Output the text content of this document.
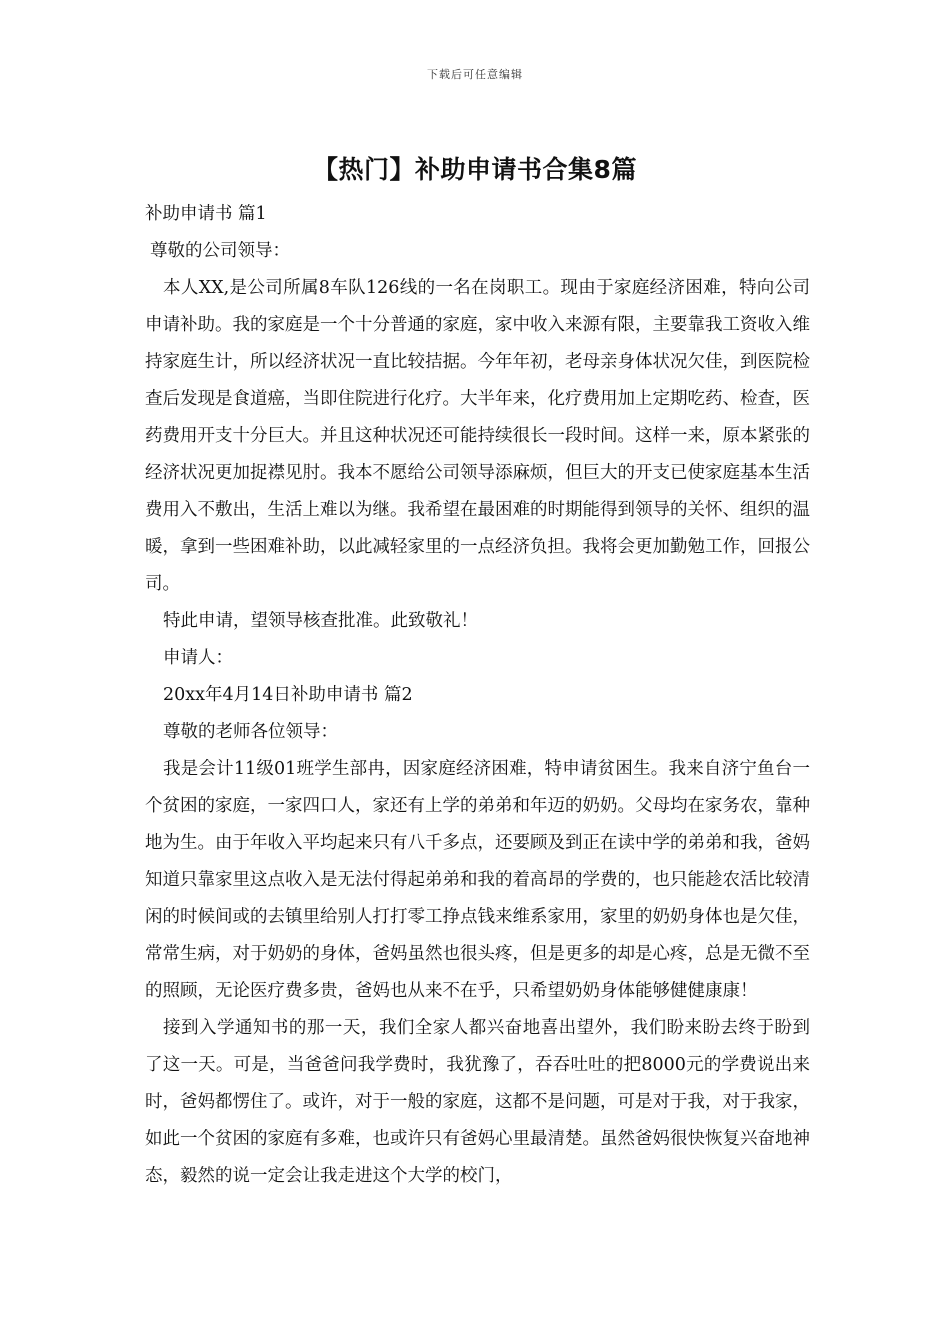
下载后可任意编辑
【热门】补助申请书合集8篇

补助申请书 篇1

尊敬的公司领导：

本人XX,是公司所属8车队126线的一名在岗职工。现由于家庭经济困难，特向公司申请补助。我的家庭是一个十分普通的家庭，家中收入来源有限，主要靠我工资收入维持家庭生计，所以经济状况一直比较拮据。今年年初，老母亲身体状况欠佳，到医院检查后发现是食道癌，当即住院进行化疗。大半年来，化疗费用加上定期吃药、检查，医药费用开支十分巨大。并且这种状况还可能持续很长一段时间。这样一来，原本紧张的经济状况更加捉襟见肘。我本不愿给公司领导添麻烦，但巨大的开支已使家庭基本生活费用入不敷出，生活上难以为继。我希望在最困难的时期能得到领导的关怀、组织的温暖，拿到一些困难补助，以此减轻家里的一点经济负担。我将会更加勤勉工作，回报公司。

特此申请，望领导核查批准。此致敬礼！

申请人：

20xx年4月14日补助申请书 篇2

尊敬的老师各位领导：

我是会计11级01班学生部冉，因家庭经济困难，特申请贫困生。我来自济宁鱼台一个贫困的家庭，一家四口人，家还有上学的弟弟和年迈的奶奶。父母均在家务农，靠种地为生。由于年收入平均起来只有八千多点，还要顾及到正在读中学的弟弟和我，爸妈知道只靠家里这点收入是无法付得起弟弟和我的着高昂的学费的，也只能趁农活比较清闲的时候间或的去镇里给别人打打零工挣点钱来维系家用，家里的奶奶身体也是欠佳，常常生病，对于奶奶的身体，爸妈虽然也很头疼，但是更多的却是心疼，总是无微不至的照顾，无论医疗费多贵，爸妈也从来不在乎，只希望奶奶身体能够健健康康！

接到入学通知书的那一天，我们全家人都兴奋地喜出望外，我们盼来盼去终于盼到了这一天。可是，当爸爸问我学费时，我犹豫了，吞吞吐吐的把8000元的学费说出来时，爸妈都愣住了。或许，对于一般的家庭，这都不是问题，可是对于我，对于我家，如此一个贫困的家庭有多难，也或许只有爸妈心里最清楚。虽然爸妈很快恢复兴奋地神态，毅然的说一定会让我走进这个大学的校门，
